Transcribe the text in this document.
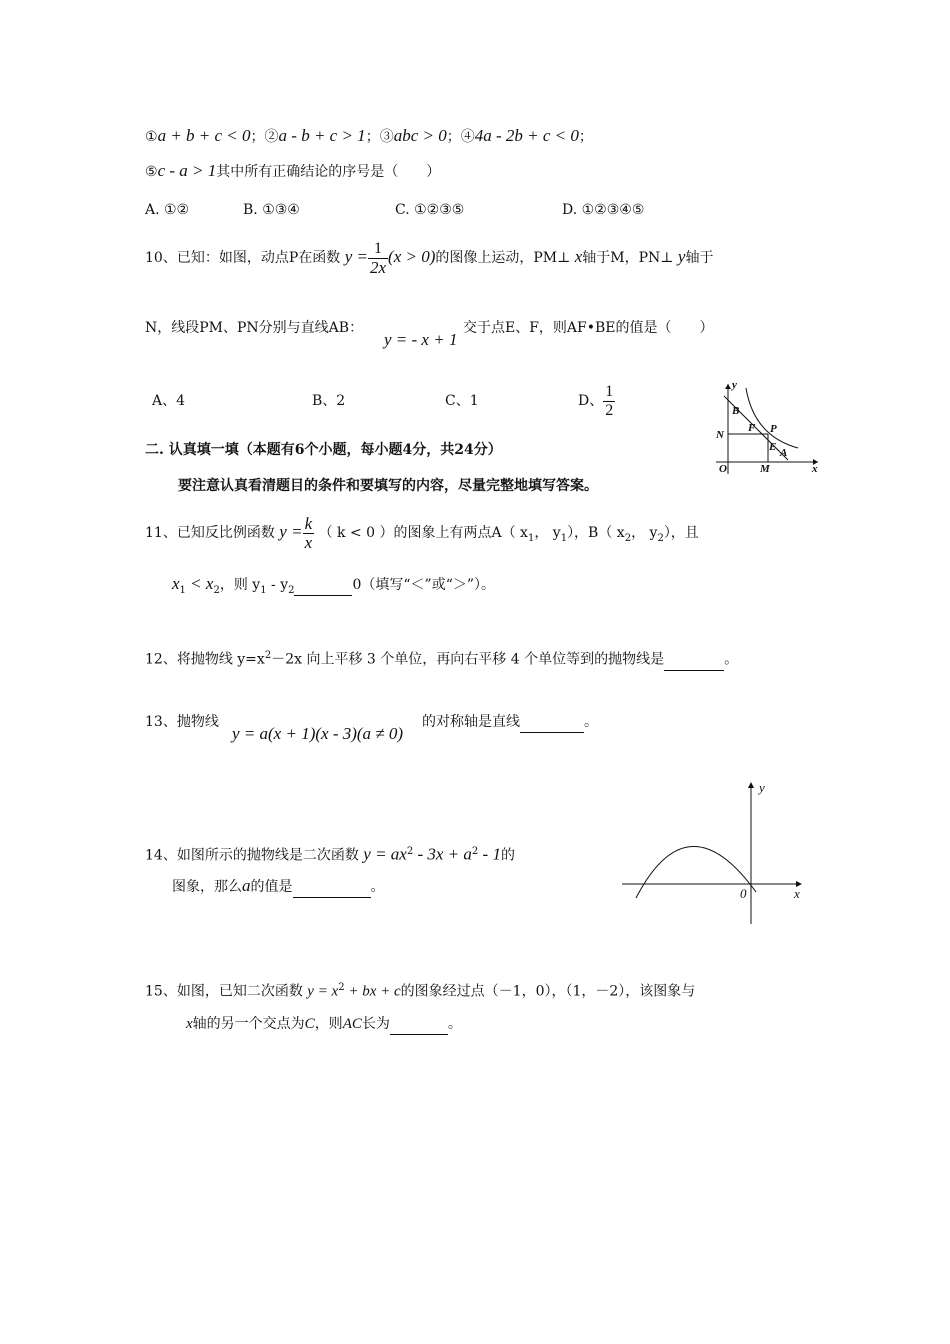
①a + b + c < 0；②a - b + c > 1；③abc > 0；④4a - 2b + c < 0；
⑤c - a > 1其中所有正确结论的序号是（　　）
A. ①②	B. ①③④	C. ①②③⑤	D. ①②③④⑤
10、已知：如图，动点P在函数 $y = \frac{1}{2x} (x > 0)$的图像上运动，PM⊥ x轴于M，PN⊥ y轴于
N，线段PM、PN分别与直线AB：
y = - x + 1
交于点E、F，则AF•BE的值是（　　）
A、4	B、2	C、1	D、 $\frac{1}{2}$	y
x
B
N
F P
E A
O	M
二. 认真填一填（本题有6个小题，每小题4分，共24分）
要注意认真看清题目的条件和要填写的内容，尽量完整地填写答案。
11、已知反比例函数 $y = \frac{k}{x}$ （ k < 0 ）的图象上有两点A（ $x_1$， $y_1$），B（ $x_2$， $y_2$），且
$x_1 < x_2$，则 $y_1 - y_2$	0（填写“＜”或“＞”）。
12、将抛物线 $y=x^2-2x$ 向上平移 3 个单位，再向右平移 4 个单位等到的抛物线是	。
13、抛物线
y = a(x + 1)(x - 3)(a ≠ 0)
的对称轴是直线	。
14、如图所示的抛物线是二次函数 $y = ax^2 - 3x + a^2 - 1$的
图象，那么a的值是	。
y
x
0
15、如图，已知二次函数 $y = x^2$ + bx + c的图象经过点（－1，0），（1，－2），该图象与
x轴的另一个交点为C，则AC长为	。
